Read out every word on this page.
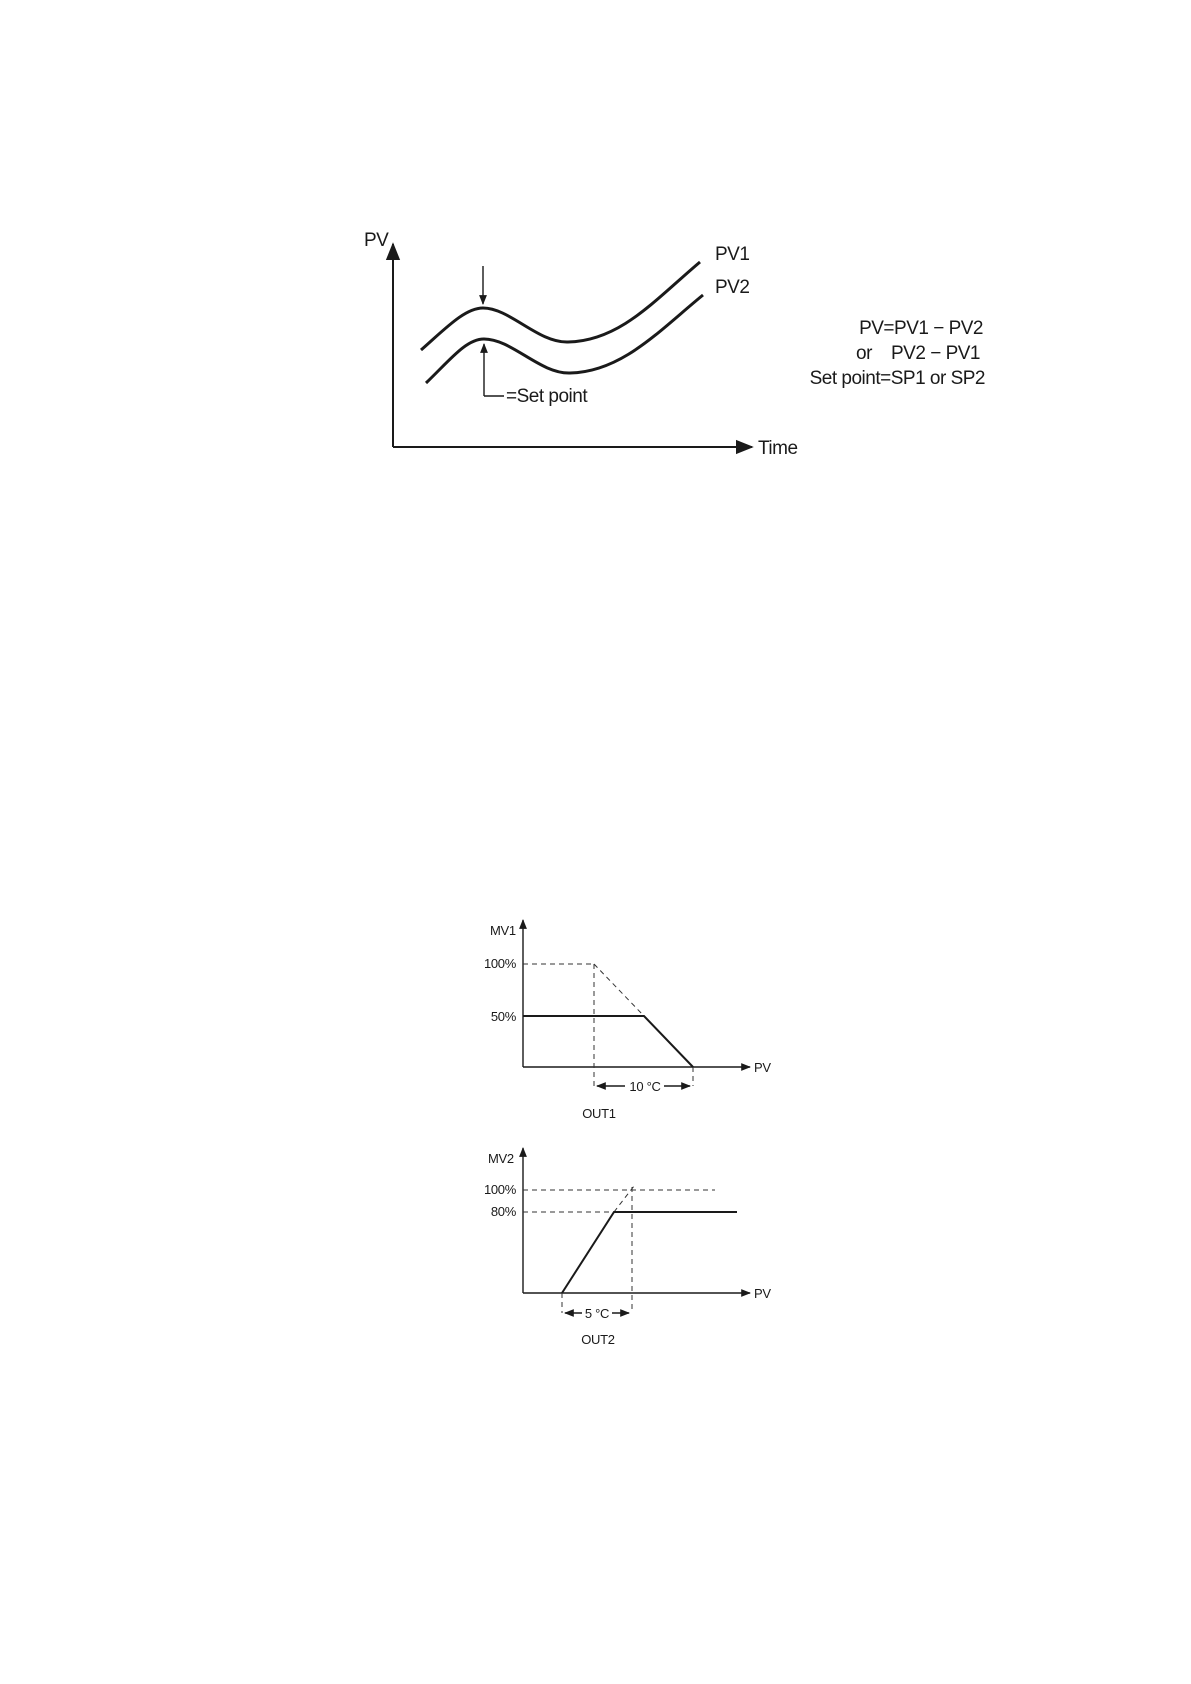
PV
Time
PV1
PV2
=Set point
PV=PV1 − PV2
or    PV2 − PV1
Set point=SP1 or SP2
MV1
PV
100%
50%
10 °C
OUT1
MV2
PV
100%
80%
5 °C
OUT2
